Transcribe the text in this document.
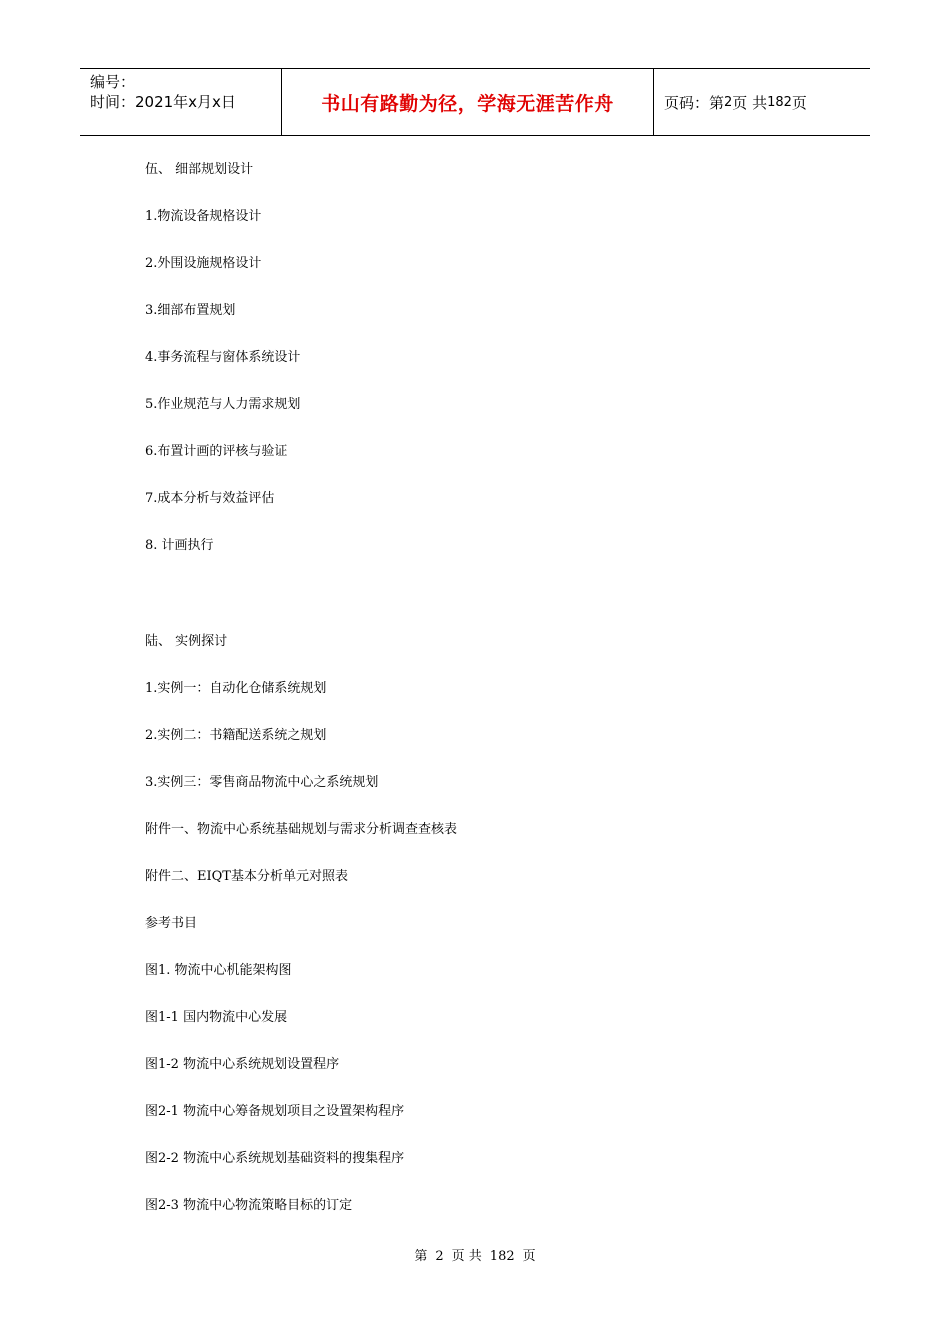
编号：
时间：2021年x月x日	书山有路勤为径，学海无涯苦作舟	页码：第 2 页 共 182 页
伍、 细部规划设计
1.物流设备规格设计
2.外围设施规格设计
3.细部布置规划
4.事务流程与窗体系统设计
5.作业规范与人力需求规划
6.布置计画的评核与验证
7.成本分析与效益评估
8. 计画执行
陆、 实例探讨
1.实例一：自动化仓储系统规划
2.实例二：书籍配送系统之规划
3.实例三：零售商品物流中心之系统规划
附件一、物流中心系统基础规划与需求分析调查查核表
附件二、EIQT基本分析单元对照表
参考书目
图1. 物流中心机能架构图
图1-1 国内物流中心发展
图1-2 物流中心系统规划设置程序
图2-1 物流中心筹备规划项目之设置架构程序
图2-2 物流中心系统规划基础资料的搜集程序
图2-3 物流中心物流策略目标的订定
第 2 页 共 182 页
